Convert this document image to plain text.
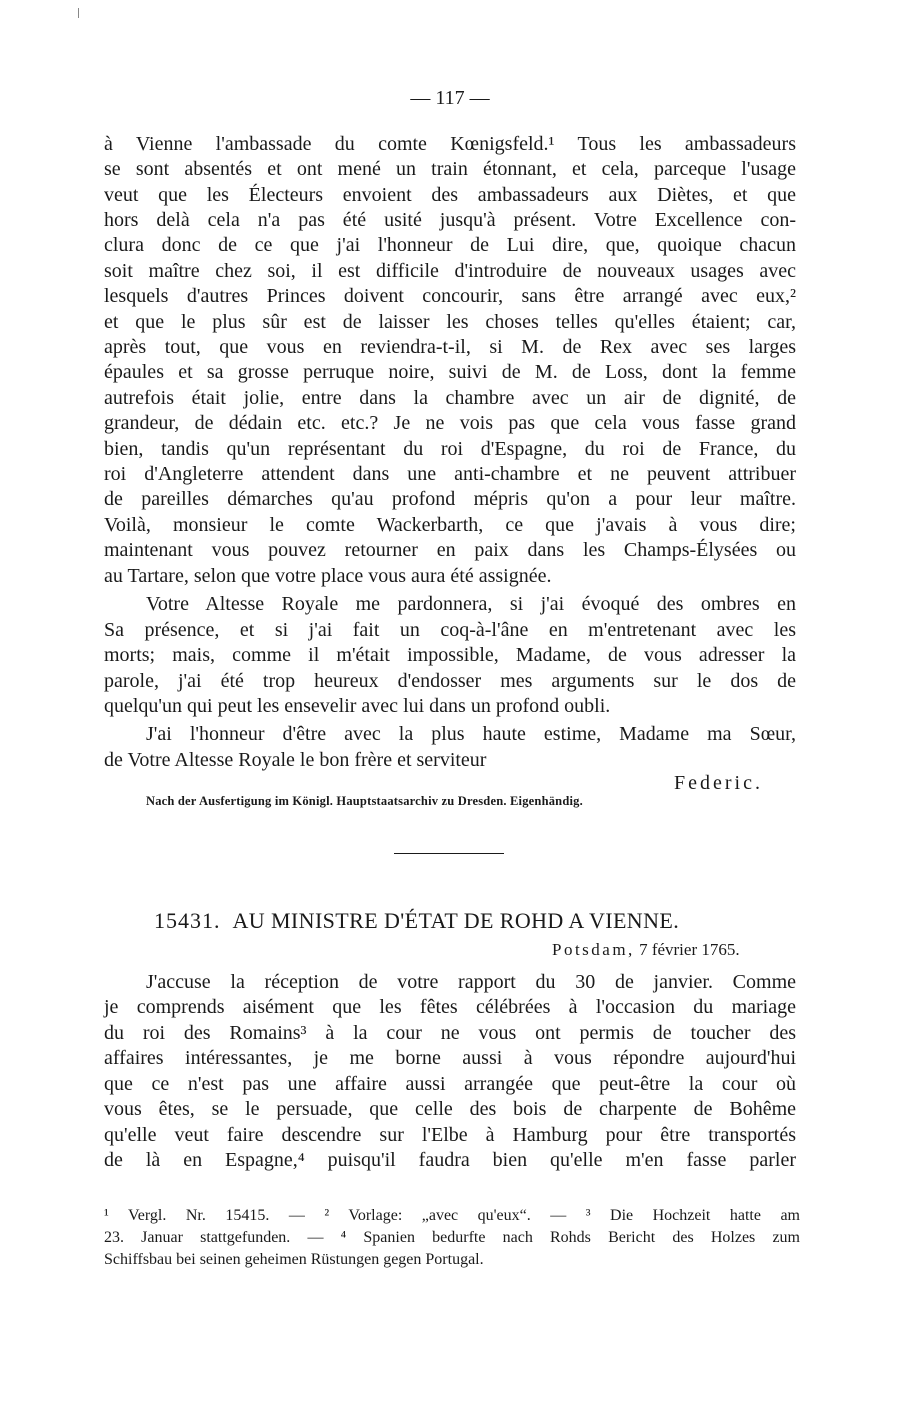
— 117 —
à Vienne l'ambassade du comte Kœnigsfeld.¹ Tous les ambassadeurs
se sont absentés et ont mené un train étonnant, et cela, parceque l'usage
veut que les Électeurs envoient des ambassadeurs aux Diètes, et que
hors delà cela n'a pas été usité jusqu'à présent. Votre Excellence con-
clura donc de ce que j'ai l'honneur de Lui dire, que, quoique chacun
soit maître chez soi, il est difficile d'introduire de nouveaux usages avec
lesquels d'autres Princes doivent concourir, sans être arrangé avec eux,²
et que le plus sûr est de laisser les choses telles qu'elles étaient; car,
après tout, que vous en reviendra-t-il, si M. de Rex avec ses larges
épaules et sa grosse perruque noire, suivi de M. de Loss, dont la femme
autrefois était jolie, entre dans la chambre avec un air de dignité, de
grandeur, de dédain etc. etc.? Je ne vois pas que cela vous fasse grand
bien, tandis qu'un représentant du roi d'Espagne, du roi de France, du
roi d'Angleterre attendent dans une anti-chambre et ne peuvent attribuer
de pareilles démarches qu'au profond mépris qu'on a pour leur maître.
Voilà, monsieur le comte Wackerbarth, ce que j'avais à vous dire;
maintenant vous pouvez retourner en paix dans les Champs-Élysées ou
au Tartare, selon que votre place vous aura été assignée.
Votre Altesse Royale me pardonnera, si j'ai évoqué des ombres en
Sa présence, et si j'ai fait un coq-à-l'âne en m'entretenant avec les
morts; mais, comme il m'était impossible, Madame, de vous adresser la
parole, j'ai été trop heureux d'endosser mes arguments sur le dos de
quelqu'un qui peut les ensevelir avec lui dans un profond oubli.
J'ai l'honneur d'être avec la plus haute estime, Madame ma Sœur,
de Votre Altesse Royale le bon frère et serviteur
Federic.
Nach der Ausfertigung im Königl. Hauptstaatsarchiv zu Dresden. Eigenhändig.
15431. AU MINISTRE D'ÉTAT DE ROHD A VIENNE.
Potsdam, 7 février 1765.
J'accuse la réception de votre rapport du 30 de janvier. Comme
je comprends aisément que les fêtes célébrées à l'occasion du mariage
du roi des Romains³ à la cour ne vous ont permis de toucher des
affaires intéressantes, je me borne aussi à vous répondre aujourd'hui
que ce n'est pas une affaire aussi arrangée que peut-être la cour où
vous êtes, se le persuade, que celle des bois de charpente de Bohême
qu'elle veut faire descendre sur l'Elbe à Hamburg pour être transportés
de là en Espagne,⁴ puisqu'il faudra bien qu'elle m'en fasse parler
¹ Vergl. Nr. 15415. — ² Vorlage: „avec qu'eux“. — ³ Die Hochzeit hatte am
23. Januar stattgefunden. — ⁴ Spanien bedurfte nach Rohds Bericht des Holzes zum
Schiffsbau bei seinen geheimen Rüstungen gegen Portugal.
